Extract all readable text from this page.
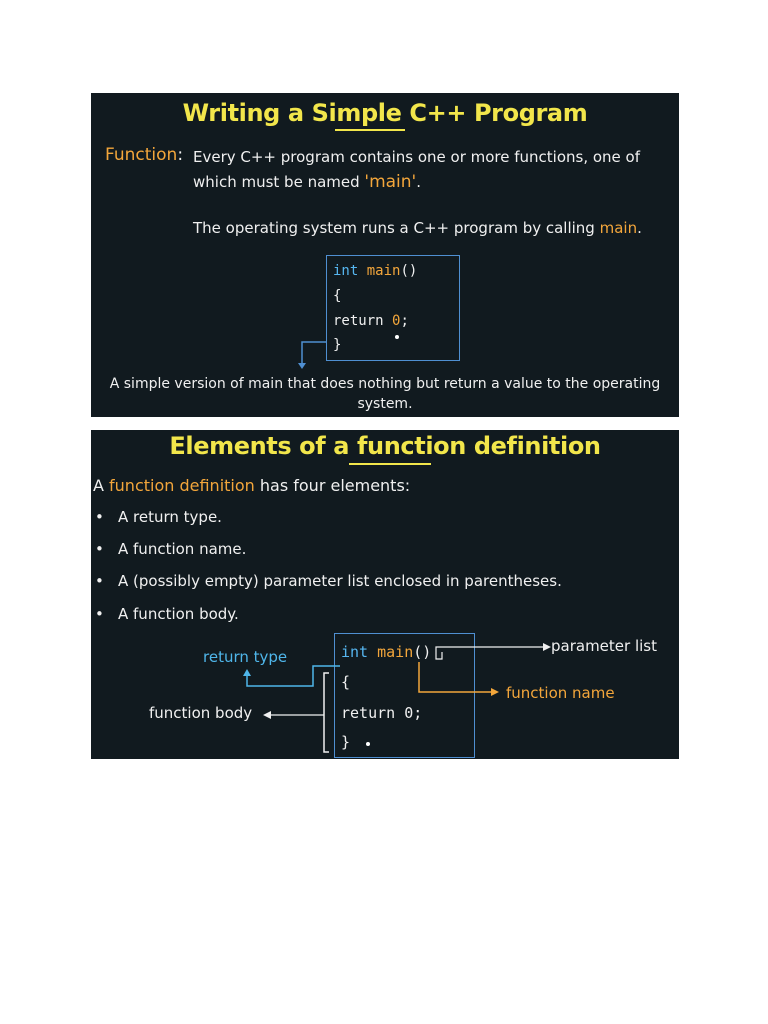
Writing a Simple C++ Program
Function: Every C++ program contains one or more functions, one of
which must be named 'main'.
The operating system runs a C++ program by calling main.
int main()
{
return 0;
}
A simple version of main that does nothing but return a value to the operating
system.
Elements of a function definition
A function definition has four elements:
• A return type.
• A function name.
• A (possibly empty) parameter list enclosed in parentheses.
• A function body.
int main()
{
return 0;
}
return type
function body
parameter list
function name
